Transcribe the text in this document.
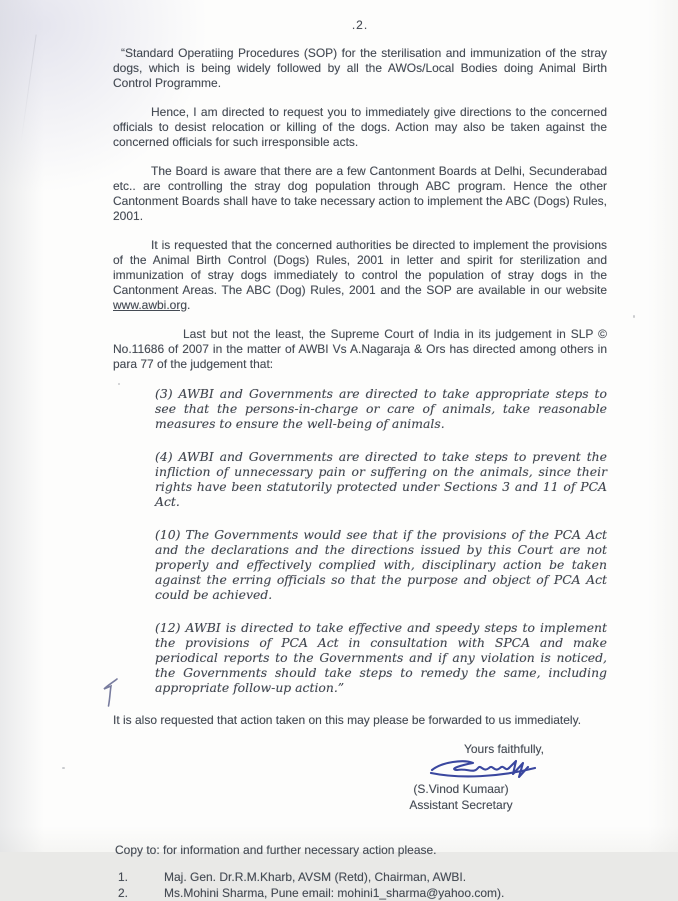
.2.

“Standard Operatiing Procedures (SOP) for the sterilisation and immunization of the stray dogs, which is being widely followed by all the AWOs/Local Bodies doing Animal Birth Control Programme.

Hence, I am directed to request you to immediately give directions to the concerned officials to desist relocation or killing of the dogs. Action may also be taken against the concerned officials for such irresponsible acts.

The Board is aware that there are a few Cantonment Boards at Delhi, Secunderabad etc.. are controlling the stray dog population through ABC program. Hence the other Cantonment Boards shall have to take necessary action to implement the ABC (Dogs) Rules, 2001.

It is requested that the concerned authorities be directed to implement the provisions of the Animal Birth Control (Dogs) Rules, 2001 in letter and spirit for sterilization and immunization of stray dogs immediately to control the population of stray dogs in the Cantonment Areas. The ABC (Dog) Rules, 2001 and the SOP are available in our website www.awbi.org.

Last but not the least, the Supreme Court of India in its judgement in SLP © No.11686 of 2007 in the matter of AWBI Vs A.Nagaraja & Ors has directed among others in para 77 of the judgement that:

(3) AWBI and Governments are directed to take appropriate steps to see that the persons-in-charge or care of animals, take reasonable measures to ensure the well-being of animals.

(4) AWBI and Governments are directed to take steps to prevent the infliction of unnecessary pain or suffering on the animals, since their rights have been statutorily protected under Sections 3 and 11 of PCA Act.

(10) The Governments would see that if the provisions of the PCA Act and the declarations and the directions issued by this Court are not properly and effectively complied with, disciplinary action be taken against the erring officials so that the purpose and object of PCA Act could be achieved.

(12) AWBI is directed to take effective and speedy steps to implement the provisions of PCA Act in consultation with SPCA and make periodical reports to the Governments and if any violation is noticed, the Governments should take steps to remedy the same, including appropriate follow-up action.”

It is also requested that action taken on this may please be forwarded to us immediately.

Yours faithfully,

(S.Vinod Kumaar)

Assistant Secretary

Copy to: for information and further necessary action please.

1.	Maj. Gen. Dr.R.M.Kharb, AVSM (Retd), Chairman, AWBI.
2.	Ms.Mohini Sharma, Pune email: mohini1_sharma@yahoo.com).
